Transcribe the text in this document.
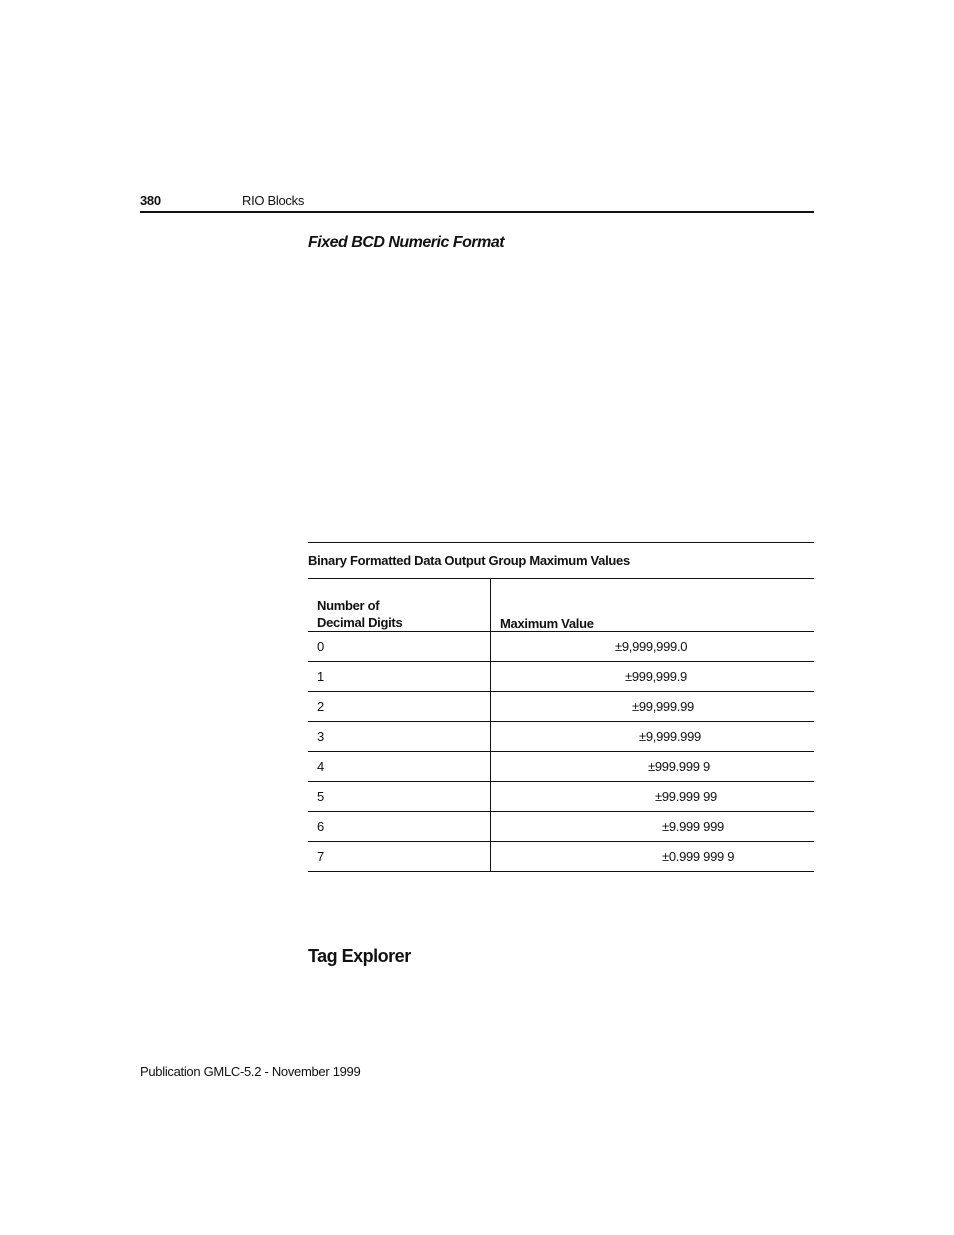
380	RIO Blocks
Fixed BCD Numeric Format
Binary Formatted Data Output Group Maximum Values	
Number of
Decimal Digits	Maximum Value
0	±9,999,999.0
1	±999,999.9
2	±99,999.99
3	±9,999.999
4	±999.999 9
5	±99.999 99
6	±9.999 999
7	±0.999 999 9
Tag Explorer
Publication GMLC-5.2 - November 1999
